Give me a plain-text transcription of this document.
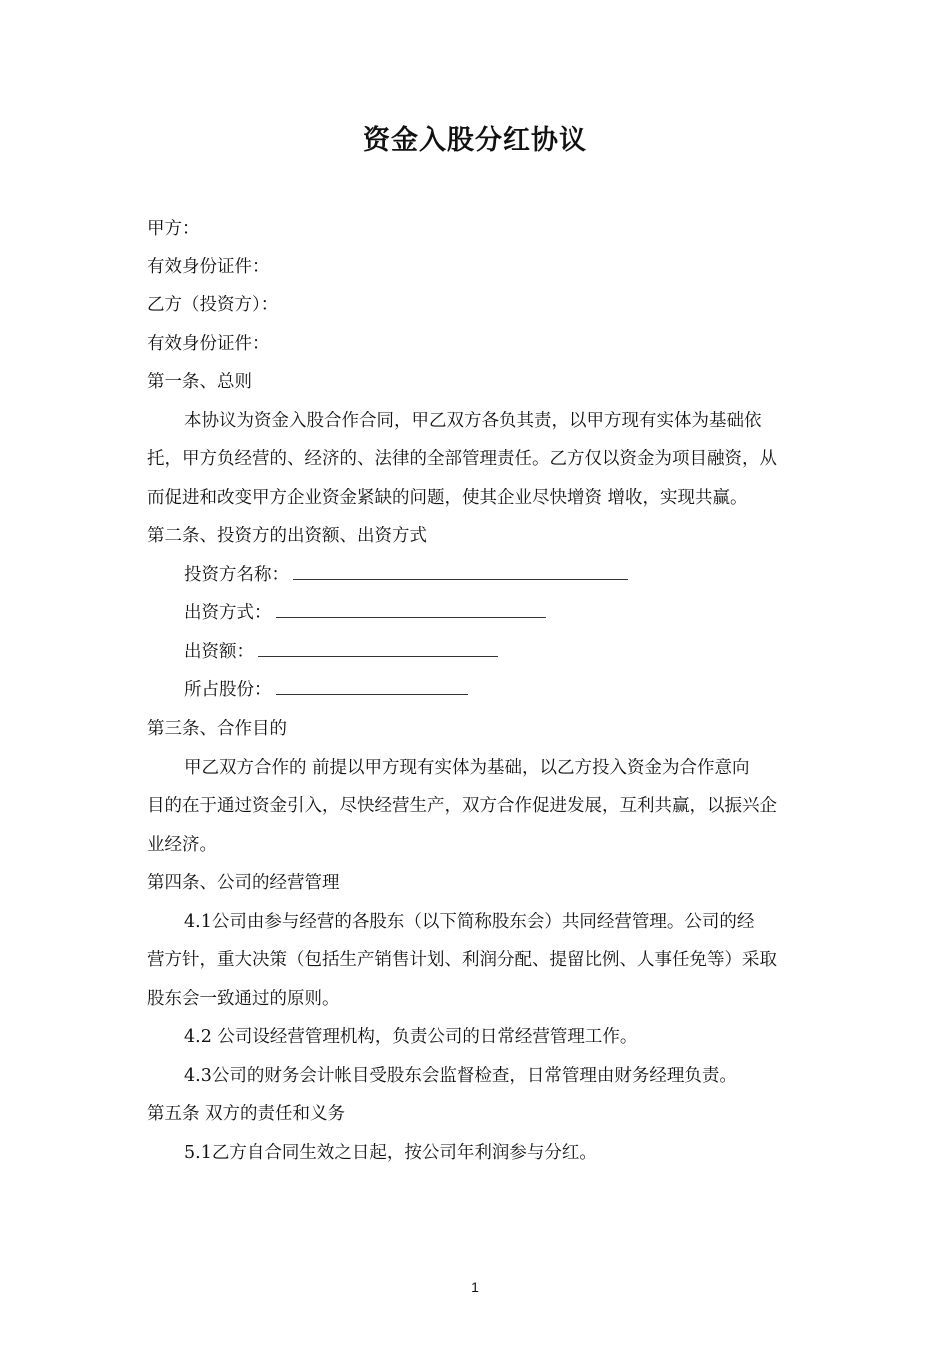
资金入股分红协议
甲方：
有效身份证件：
乙方（投资方）：
有效身份证件：
第一条、总则
本协议为资金入股合作合同，甲乙双方各负其责，以甲方现有实体为基础依
托，甲方负经营的、经济的、法律的全部管理责任。乙方仅以资金为项目融资，从
而促进和改变甲方企业资金紧缺的问题，使其企业尽快增资 增收，实现共赢。
第二条、投资方的出资额、出资方式
投资方名称：
出资方式：
出资额：
所占股份：
第三条、合作目的
甲乙双方合作的 前提以甲方现有实体为基础，以乙方投入资金为合作意向
目的在于通过资金引入，尽快经营生产，双方合作促进发展，互利共赢，以振兴企
业经济。
第四条、公司的经营管理
4.1公司由参与经营的各股东（以下简称股东会）共同经营管理。公司的经
营方针，重大决策（包括生产销售计划、利润分配、提留比例、人事任免等）采取
股东会一致通过的原则。
4.2 公司设经营管理机构，负责公司的日常经营管理工作。
4.3公司的财务会计帐目受股东会监督检查，日常管理由财务经理负责。
第五条 双方的责任和义务
5.1乙方自合同生效之日起，按公司年利润参与分红。
1
